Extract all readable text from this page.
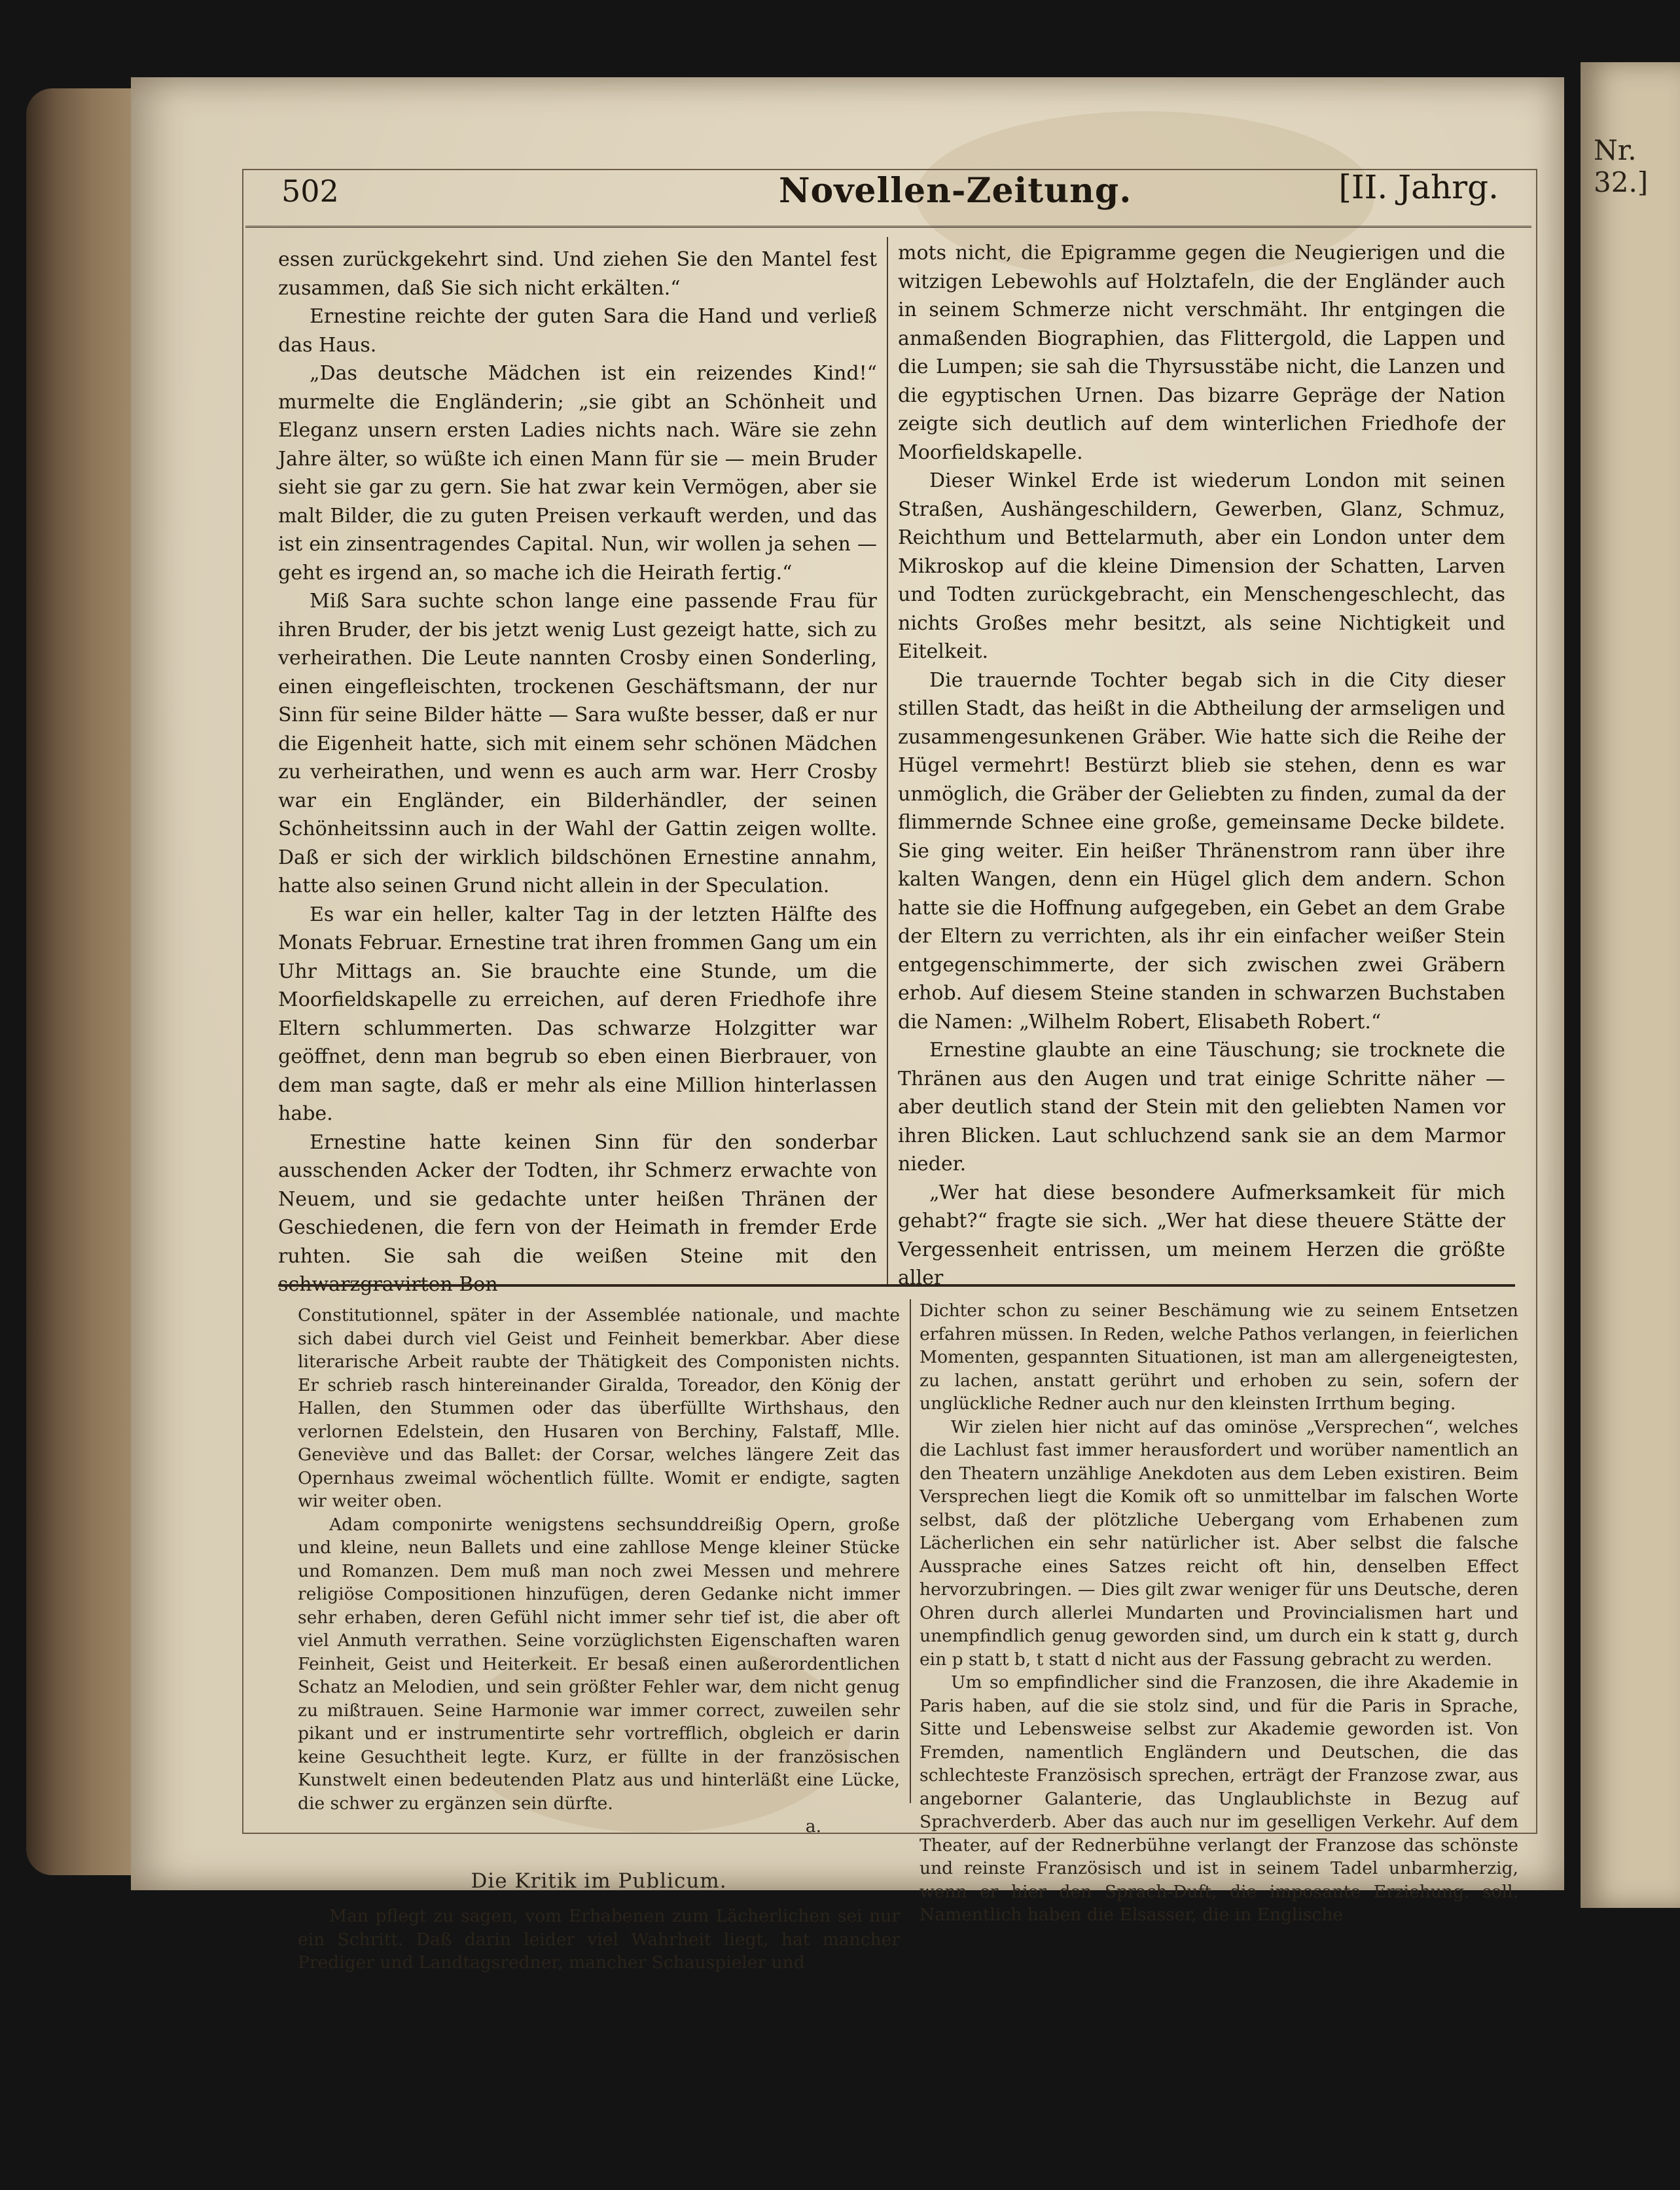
Nr. 32.]
502	Novellen-Zeitung.	[II. Jahrg.

essen zurückgekehrt sind. Und ziehen Sie den Mantel fest zusammen, daß Sie sich nicht erkälten.“

Ernestine reichte der guten Sara die Hand und verließ das Haus.

„Das deutsche Mädchen ist ein reizendes Kind!“ murmelte die Engländerin; „sie gibt an Schönheit und Eleganz unsern ersten Ladies nichts nach. Wäre sie zehn Jahre älter, so wüßte ich einen Mann für sie — mein Bruder sieht sie gar zu gern. Sie hat zwar kein Vermögen, aber sie malt Bilder, die zu guten Preisen verkauft werden, und das ist ein zinsentragendes Capital. Nun, wir wollen ja sehen — geht es irgend an, so mache ich die Heirath fertig.“

Miß Sara suchte schon lange eine passende Frau für ihren Bruder, der bis jetzt wenig Lust gezeigt hatte, sich zu verheirathen. Die Leute nannten Crosby einen Sonderling, einen eingefleischten, trockenen Geschäftsmann, der nur Sinn für seine Bilder hätte — Sara wußte besser, daß er nur die Eigenheit hatte, sich mit einem sehr schönen Mädchen zu verheirathen, und wenn es auch arm war. Herr Crosby war ein Engländer, ein Bilderhändler, der seinen Schönheitssinn auch in der Wahl der Gattin zeigen wollte. Daß er sich der wirklich bildschönen Ernestine annahm, hatte also seinen Grund nicht allein in der Speculation.

Es war ein heller, kalter Tag in der letzten Hälfte des Monats Februar. Ernestine trat ihren frommen Gang um ein Uhr Mittags an. Sie brauchte eine Stunde, um die Moorfieldskapelle zu erreichen, auf deren Friedhofe ihre Eltern schlummerten. Das schwarze Holzgitter war geöffnet, denn man begrub so eben einen Bierbrauer, von dem man sagte, daß er mehr als eine Million hinterlassen habe.

Ernestine hatte keinen Sinn für den sonderbar ausschenden Acker der Todten, ihr Schmerz erwachte von Neuem, und sie gedachte unter heißen Thränen der Geschiedenen, die fern von der Heimath in fremder Erde ruhten. Sie sah die weißen Steine mit den schwarzgravirten Bon-

mots nicht, die Epigramme gegen die Neugierigen und die witzigen Lebewohls auf Holztafeln, die der Engländer auch in seinem Schmerze nicht verschmäht. Ihr entgingen die anmaßenden Biographien, das Flittergold, die Lappen und die Lumpen; sie sah die Thyrsusstäbe nicht, die Lanzen und die egyptischen Urnen. Das bizarre Gepräge der Nation zeigte sich deutlich auf dem winterlichen Friedhofe der Moorfieldskapelle.

Dieser Winkel Erde ist wiederum London mit seinen Straßen, Aushängeschildern, Gewerben, Glanz, Schmuz, Reichthum und Bettelarmuth, aber ein London unter dem Mikroskop auf die kleine Dimension der Schatten, Larven und Todten zurückgebracht, ein Menschengeschlecht, das nichts Großes mehr besitzt, als seine Nichtigkeit und Eitelkeit.

Die trauernde Tochter begab sich in die City dieser stillen Stadt, das heißt in die Abtheilung der armseligen und zusammengesunkenen Gräber. Wie hatte sich die Reihe der Hügel vermehrt! Bestürzt blieb sie stehen, denn es war unmöglich, die Gräber der Geliebten zu finden, zumal da der flimmernde Schnee eine große, gemeinsame Decke bildete. Sie ging weiter. Ein heißer Thränenstrom rann über ihre kalten Wangen, denn ein Hügel glich dem andern. Schon hatte sie die Hoffnung aufgegeben, ein Gebet an dem Grabe der Eltern zu verrichten, als ihr ein einfacher weißer Stein entgegenschimmerte, der sich zwischen zwei Gräbern erhob. Auf diesem Steine standen in schwarzen Buchstaben die Namen: „Wilhelm Robert, Elisabeth Robert.“

Ernestine glaubte an eine Täuschung; sie trocknete die Thränen aus den Augen und trat einige Schritte näher — aber deutlich stand der Stein mit den geliebten Namen vor ihren Blicken. Laut schluchzend sank sie an dem Marmor nieder.

„Wer hat diese besondere Aufmerksamkeit für mich gehabt?“ fragte sie sich. „Wer hat diese theuere Stätte der Vergessenheit entrissen, um meinem Herzen die größte aller

Constitutionnel, später in der Assemblée nationale, und machte sich dabei durch viel Geist und Feinheit bemerkbar. Aber diese literarische Arbeit raubte der Thätigkeit des Componisten nichts. Er schrieb rasch hintereinander Giralda, Toreador, den König der Hallen, den Stummen oder das überfüllte Wirthshaus, den verlornen Edelstein, den Husaren von Berchiny, Falstaff, Mlle. Geneviève und das Ballet: der Corsar, welches längere Zeit das Opernhaus zweimal wöchentlich füllte. Womit er endigte, sagten wir weiter oben.

Adam componirte wenigstens sechsunddreißig Opern, große und kleine, neun Ballets und eine zahllose Menge kleiner Stücke und Romanzen. Dem muß man noch zwei Messen und mehrere religiöse Compositionen hinzufügen, deren Gedanke nicht immer sehr erhaben, deren Gefühl nicht immer sehr tief ist, die aber oft viel Anmuth verrathen. Seine vorzüglichsten Eigenschaften waren Feinheit, Geist und Heiterkeit. Er besaß einen außerordentlichen Schatz an Melodien, und sein größter Fehler war, dem nicht genug zu mißtrauen. Seine Harmonie war immer correct, zuweilen sehr pikant und er instrumentirte sehr vortrefflich, obgleich er darin keine Gesuchtheit legte. Kurz, er füllte in der französischen Kunstwelt einen bedeutenden Platz aus und hinterläßt eine Lücke, die schwer zu ergänzen sein dürfte.

a.

Die Kritik im Publicum.

Man pflegt zu sagen, vom Erhabenen zum Lächerlichen sei nur ein Schritt. Daß darin leider viel Wahrheit liegt, hat mancher Prediger und Landtagsredner, mancher Schauspieler und

Dichter schon zu seiner Beschämung wie zu seinem Entsetzen erfahren müssen. In Reden, welche Pathos verlangen, in feierlichen Momenten, gespannten Situationen, ist man am allergeneigtesten, zu lachen, anstatt gerührt und erhoben zu sein, sofern der unglückliche Redner auch nur den kleinsten Irrthum beging.

Wir zielen hier nicht auf das ominöse „Versprechen“, welches die Lachlust fast immer herausfordert und worüber namentlich an den Theatern unzählige Anekdoten aus dem Leben existiren. Beim Versprechen liegt die Komik oft so unmittelbar im falschen Worte selbst, daß der plötzliche Uebergang vom Erhabenen zum Lächerlichen ein sehr natürlicher ist. Aber selbst die falsche Aussprache eines Satzes reicht oft hin, denselben Effect hervorzubringen. — Dies gilt zwar weniger für uns Deutsche, deren Ohren durch allerlei Mundarten und Provincialismen hart und unempfindlich genug geworden sind, um durch ein k statt g, durch ein p statt b, t statt d nicht aus der Fassung gebracht zu werden.

Um so empfindlicher sind die Franzosen, die ihre Akademie in Paris haben, auf die sie stolz sind, und für die Paris in Sprache, Sitte und Lebensweise selbst zur Akademie geworden ist. Von Fremden, namentlich Engländern und Deutschen, die das schlechteste Französisch sprechen, erträgt der Franzose zwar, aus angeborner Galanterie, das Unglaublichste in Bezug auf Sprachverderb. Aber das auch nur im geselligen Verkehr. Auf dem Theater, auf der Rednerbühne verlangt der Franzose das schönste und reinste Französisch und ist in seinem Tadel unbarmherzig, wenn er hier den Sprach-Duft, die imposante Erziehung. soll. Namentlich haben die Elsasser, die in Englische
